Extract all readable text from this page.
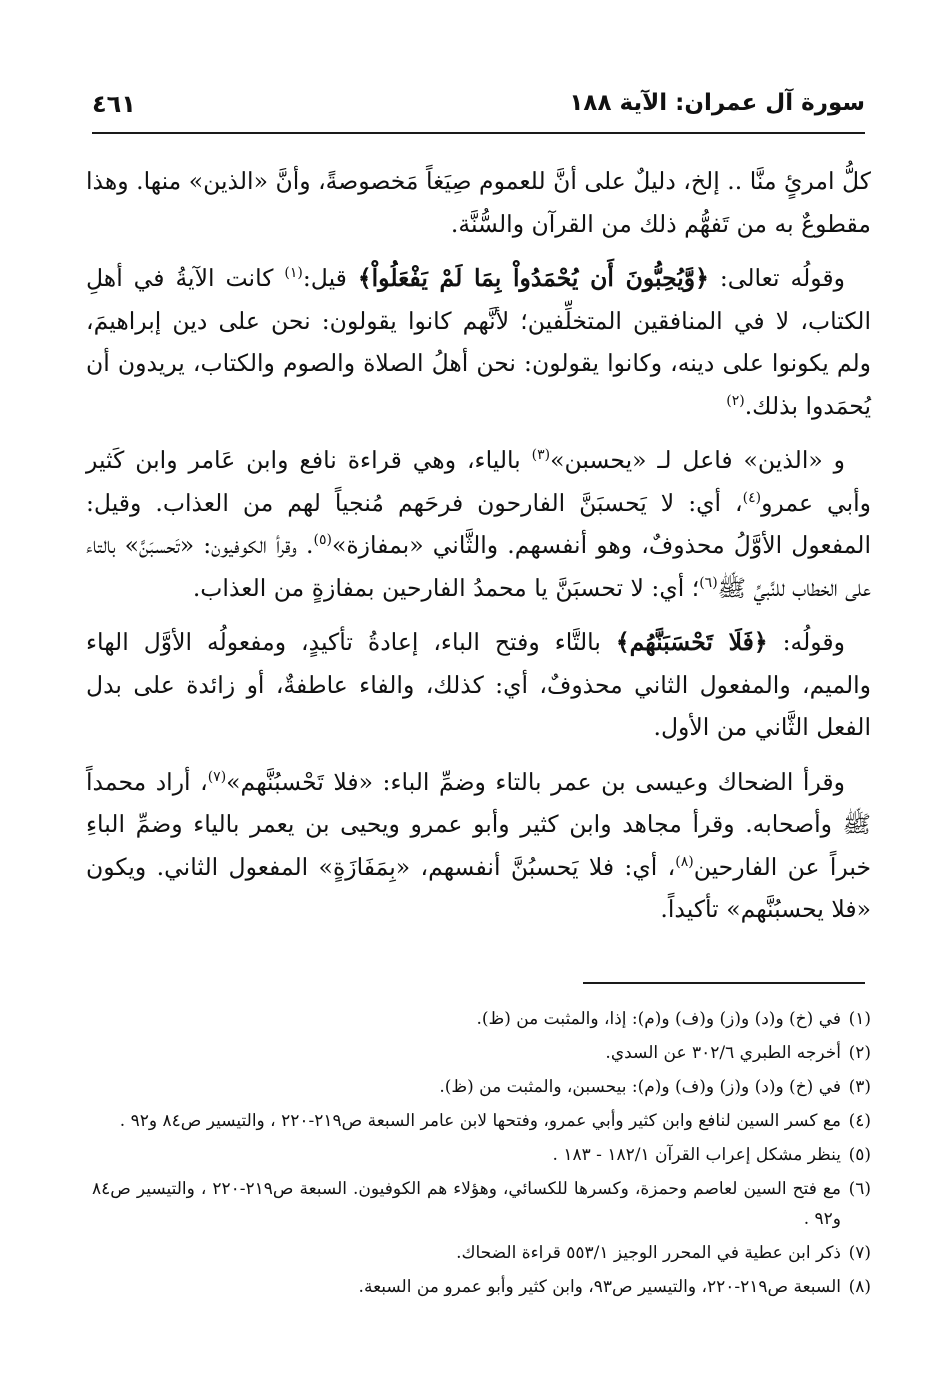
سورة آل عمران: الآية ١٨٨
٤٦١

كلُّ امرئٍ منَّا .. إلخ، دليلٌ على أنَّ للعموم صِيَغاً مَخصوصةً، وأنَّ «الذين» منها. وهذا مقطوعٌ به من تَفهُّم ذلك من القرآن والسُّنَّة.

وقولُه تعالى: ﴿وَّيُحِبُّونَ أَن يُحْمَدُواْ بِمَا لَمْ يَفْعَلُواْ﴾ قيل:$^{(١)}$ كانت الآيةُ في أهلِ الكتاب، لا في المنافقين المتخلِّفين؛ لأنَّهم كانوا يقولون: نحن على دين إبراهيمَ، ولم يكونوا على دينه، وكانوا يقولون: نحن أهلُ الصلاة والصوم والكتاب، يريدون أن يُحمَدوا بذلك.$^{(٢)}$

و «الذين» فاعل لـ «يحسبن»$^{(٣)}$ بالياء، وهي قراءة نافع وابن عَامر وابن كَثير وأبي عمرو$^{(٤)}$، أي: لا يَحسبَنَّ الفارحون فرحَهم مُنجياً لهم من العذاب. وقيل: المفعول الأوَّلُ محذوفٌ، وهو أنفسهم. والثَّاني «بمفازة»$^{(٥)}$. وقرأ الكوفيون: «تَحسبَنَّ» بالتاء على الخطاب للنَّبيِّ ﷺ$^{(٦)}$؛ أي: لا تحسبَنَّ يا محمدُ الفارحين بمفازةٍ من العذاب.

وقولُه: ﴿فَلَا تَحْسَبَنَّهُم﴾ بالتَّاء وفتح الباء، إعادةُ تأكيدٍ، ومفعولُه الأوَّل الهاء والميم، والمفعول الثاني محذوفٌ، أي: كذلك، والفاء عاطفةٌ، أو زائدة على بدل الفعل الثَّاني من الأول.

وقرأ الضحاك وعيسى بن عمر بالتاء وضمِّ الباء: «فلا تَحْسبُنَّهم»$^{(٧)}$، أراد محمداً ﷺ وأصحابه. وقرأ مجاهد وابن كثير وأبو عمرو ويحيى بن يعمر بالياء وضمِّ الباءِ خبراً عن الفارحين$^{(٨)}$، أي: فلا يَحسبُنَّ أنفسهم، «بِمَفَازَةٍ» المفعول الثاني. ويكون «فلا يحسبُنَّهم» تأكيداً.

(١)
في (خ) و(د) و(ز) و(ف) و(م): إذا، والمثبت من (ظ).
(٢)
أخرجه الطبري ٣٠٢/٦ عن السدي.
(٣)
في (خ) و(د) و(ز) و(ف) و(م): بيحسبن، والمثبت من (ظ).
(٤)
مع كسر السين لنافع وابن كثير وأبي عمرو، وفتحها لابن عامر السبعة ص٢١٩-٢٢٠ ، والتيسير ص٨٤ و٩٢ .
(٥)
ينظر مشكل إعراب القرآن ١٨٢/١ - ١٨٣ .
(٦)
مع فتح السين لعاصم وحمزة، وكسرها للكسائي، وهؤلاء هم الكوفيون. السبعة ص٢١٩-٢٢٠ ، والتيسير ص٨٤ و٩٢ .
(٧)
ذكر ابن عطية في المحرر الوجيز ٥٥٣/١ قراءة الضحاك.
(٨)
السبعة ص٢١٩-٢٢٠، والتيسير ص٩٣، وابن كثير وأبو عمرو من السبعة.
